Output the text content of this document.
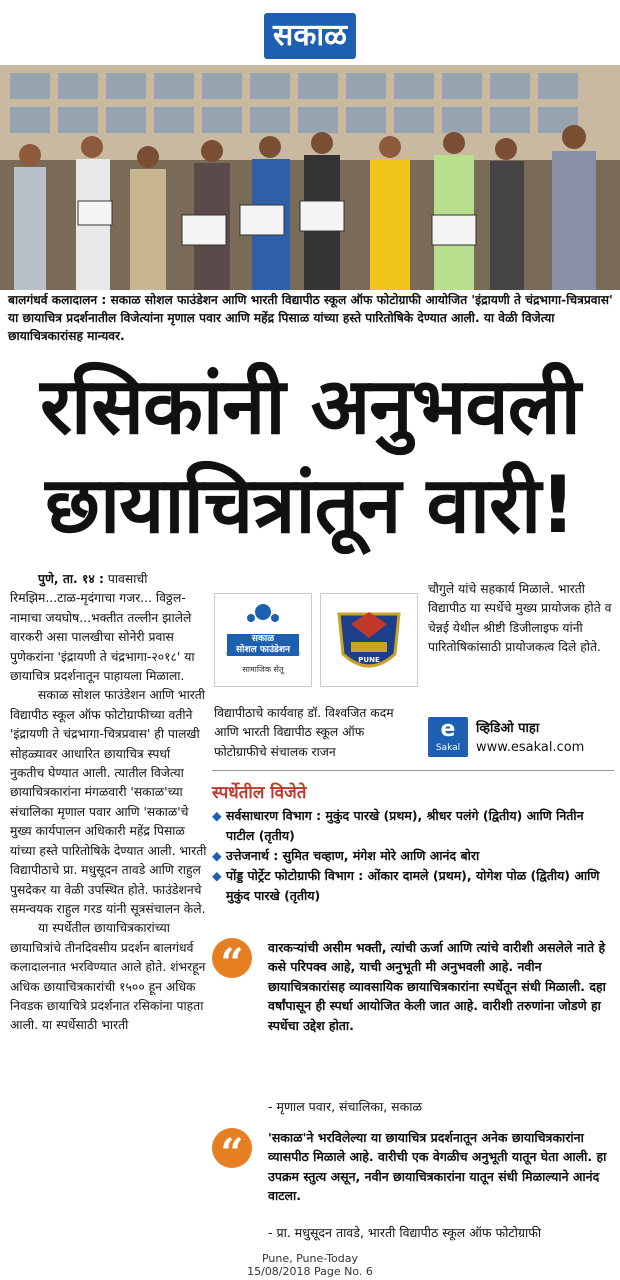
सकाळ
बालगंधर्व कलादालन : सकाळ सोशल फाउंडेशन आणि भारती विद्यापीठ स्कूल ऑफ फोटोग्राफी आयोजित 'इंद्रायणी ते चंद्रभागा-चित्रप्रवास' या छायाचित्र प्रदर्शनातील विजेत्यांना मृणाल पवार आणि महेंद्र पिसाळ यांच्या हस्ते पारितोषिके देण्यात आली. या वेळी विजेत्या छायाचित्रकारांसह मान्यवर.
रसिकांनी अनुभवली
छायाचित्रांतून वारी!

पुणे, ता. १४ : पावसाची रिमझिम...टाळ-मृदंगाचा गजर... विठ्ठल-नामाचा जयघोष...भक्तीत तल्लीन झालेले वारकरी असा पालखीचा सोनेरी प्रवास पुणेकरांना 'इंद्रायणी ते चंद्रभागा-२०१८' या छायाचित्र प्रदर्शनातून पाहायला मिळाला.

सकाळ सोशल फाउंडेशन आणि भारती विद्यापीठ स्कूल ऑफ फोटोग्राफीच्या वतीने 'इंद्रायणी ते चंद्रभागा-चित्रप्रवास' ही पालखी सोहळ्यावर आधारित छायाचित्र स्पर्धा नुकतीच घेण्यात आली. त्यातील विजेत्या छायाचित्रकारांना मंगळवारी 'सकाळ'च्या संचालिका मृणाल पवार आणि 'सकाळ'चे मुख्य कार्यपालन अधिकारी महेंद्र पिसाळ यांच्या हस्ते पारितोषिके देण्यात आली. भारती विद्यापीठाचे प्रा. मधुसूदन तावडे आणि राहुल पुसदेकर या वेळी उपस्थित होते. फाउंडेशनचे समन्वयक राहुल गरड यांनी सूत्रसंचालन केले.

या स्पर्धेतील छायाचित्रकारांच्या छायाचित्रांचे तीनदिवसीय प्रदर्शन बालगंधर्व कलादालनात भरविण्यात आले होते. शंभरहून अधिक छायाचित्रकारांची १५०० हून अधिक निवडक छायाचित्रे प्रदर्शनात रसिकांना पाहता आली. या स्पर्धेसाठी भारती

सकाळ
सोशल फाउंडेशन
सामाजिक सेतू
PUNE
विद्यापीठाचे कार्यवाह डॉ. विश्वजित कदम आणि भारती विद्यापीठ स्कूल ऑफ फोटोग्राफीचे संचालक राजन
चौगुले यांचे सहकार्य मिळाले. भारती विद्यापीठ या स्पर्धेचे मुख्य प्रायोजक होते व चेन्नई येथील श्रीष्टी डिजीलाइफ यांनी पारितोषिकांसाठी प्रायोजकत्व दिले होते.
e
Sakal
व्हिडिओ पाहा
www.esakal.com
स्पर्धेतील विजेते
◆ सर्वसाधारण विभाग : मुकुंद पारखे (प्रथम), श्रीधर पलंगे (द्वितीय) आणि नितीन पाटील (तृतीय)
◆ उत्तेजनार्थ : सुमित चव्हाण, मंगेश मोरे आणि आनंद बोरा
◆ पोंड्ड पोर्ट्रेट फोटोग्राफी विभाग : ओंकार दामले (प्रथम), योगेश पोळ (द्वितीय) आणि मुकुंद पारखे (तृतीय)
“	वारकऱ्यांची असीम भक्ती, त्यांची ऊर्जा आणि त्यांचे वारीशी असलेले नाते हे कसे परिपक्व आहे, याची अनुभूती मी अनुभवली आहे. नवीन छायाचित्रकारांसह व्यावसायिक छायाचित्रकारांना स्पर्धेतून संधी मिळाली. दहा वर्षांपासून ही स्पर्धा आयोजित केली जात आहे. वारीशी तरुणांना जोडणे हा स्पर्धेचा उद्देश होता.
- मृणाल पवार, संचालिका, सकाळ
“	'सकाळ'ने भरविलेल्या या छायाचित्र प्रदर्शनातून अनेक छायाचित्रकारांना व्यासपीठ मिळाले आहे. वारीची एक वेगळीच अनुभूती यातून घेता आली. हा उपक्रम स्तुत्य असून, नवीन छायाचित्रकारांना यातून संधी मिळाल्याने आनंद वाटला.
- प्रा. मधुसूदन तावडे, भारती विद्यापीठ स्कूल ऑफ फोटोग्राफी
Pune, Pune-Today
15/08/2018 Page No. 6
